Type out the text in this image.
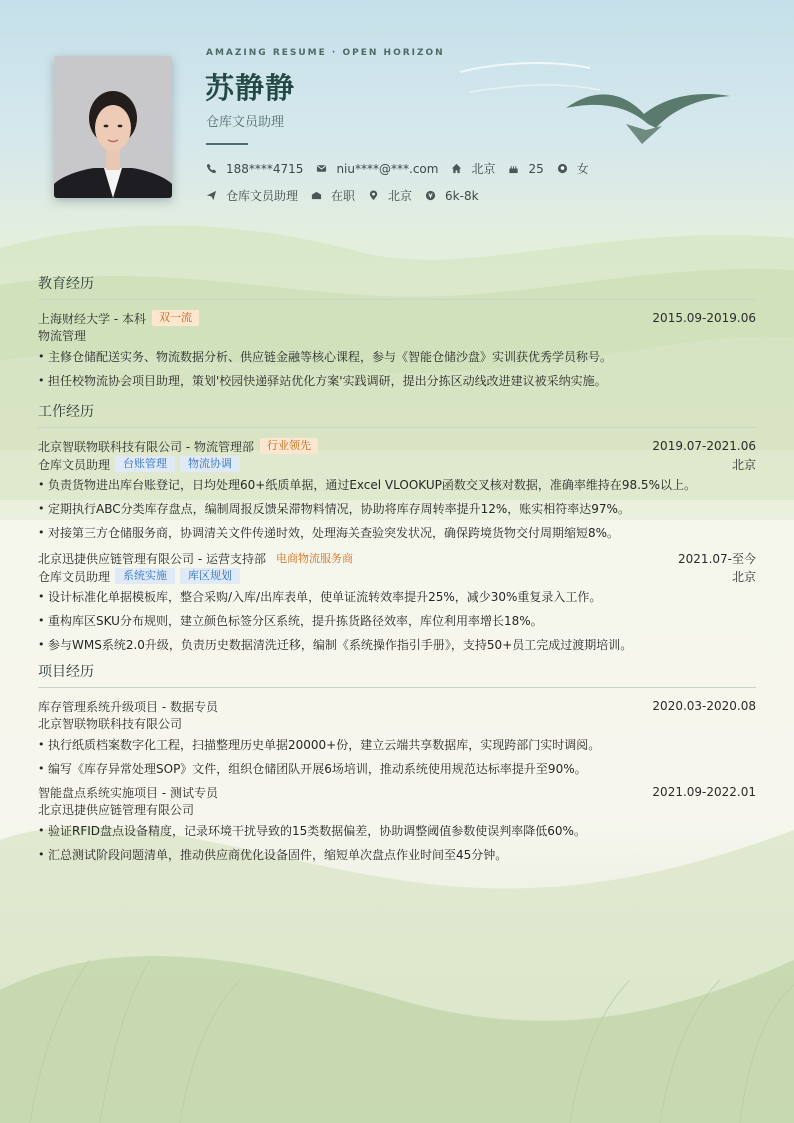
AMAZING RESUME · OPEN HORIZON
苏静静
仓库文员助理
188****4715	niu****@***.com	北京	25	女
仓库文员助理	在职	北京	6k-8k
教育经历
上海财经大学 - 本科	双一流	2015.09-2019.06
物流管理
• 主修仓储配送实务、物流数据分析、供应链金融等核心课程，参与《智能仓储沙盘》实训获优秀学员称号。
• 担任校物流协会项目助理，策划'校园快递驿站优化方案'实践调研，提出分拣区动线改进建议被采纳实施。
工作经历
北京智联物联科技有限公司 - 物流管理部	行业领先	2019.07-2021.06
仓库文员助理	台账管理	物流协调	北京
• 负责货物进出库台账登记，日均处理60+纸质单据，通过Excel VLOOKUP函数交叉核对数据，准确率维持在98.5%以上。
• 定期执行ABC分类库存盘点，编制周报反馈呆滞物料情况，协助将库存周转率提升12%，账实相符率达97%。
• 对接第三方仓储服务商，协调清关文件传递时效，处理海关查验突发状况，确保跨境货物交付周期缩短8%。
北京迅捷供应链管理有限公司 - 运营支持部 电商物流服务商	2021.07-至今
仓库文员助理	系统实施	库区规划	北京
• 设计标准化单据模板库，整合采购/入库/出库表单，使单证流转效率提升25%，减少30%重复录入工作。
• 重构库区SKU分布规则，建立颜色标签分区系统，提升拣货路径效率，库位利用率增长18%。
• 参与WMS系统2.0升级，负责历史数据清洗迁移，编制《系统操作指引手册》，支持50+员工完成过渡期培训。
项目经历
库存管理系统升级项目 - 数据专员	2020.03-2020.08
北京智联物联科技有限公司
• 执行纸质档案数字化工程，扫描整理历史单据20000+份，建立云端共享数据库，实现跨部门实时调阅。
• 编写《库存异常处理SOP》文件，组织仓储团队开展6场培训，推动系统使用规范达标率提升至90%。
智能盘点系统实施项目 - 测试专员	2021.09-2022.01
北京迅捷供应链管理有限公司
• 验证RFID盘点设备精度，记录环境干扰导致的15类数据偏差，协助调整阈值参数使误判率降低60%。
• 汇总测试阶段问题清单，推动供应商优化设备固件，缩短单次盘点作业时间至45分钟。
